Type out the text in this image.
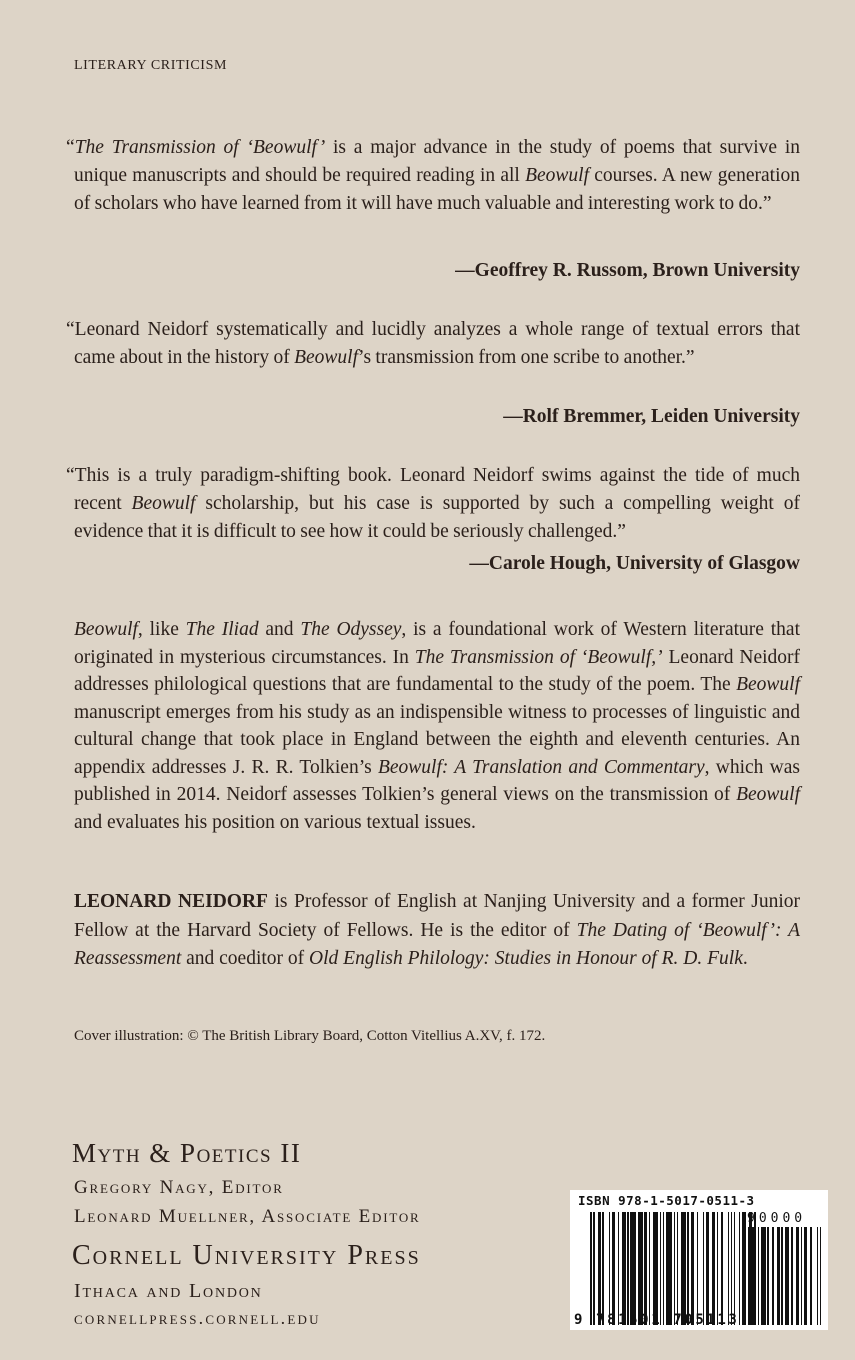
LITERARY CRITICISM
“The Transmission of ‘Beowulf’ is a major advance in the study of poems that survive in unique manuscripts and should be required reading in all Beowulf courses. A new generation of scholars who have learned from it will have much valuable and interesting work to do.”
—Geoffrey R. Russom, Brown University
“Leonard Neidorf systematically and lucidly analyzes a whole range of textual errors that came about in the history of Beowulf’s transmission from one scribe to another.”
—Rolf Bremmer, Leiden University
“This is a truly paradigm-shifting book. Leonard Neidorf swims against the tide of much recent Beowulf scholarship, but his case is supported by such a compelling weight of evidence that it is difficult to see how it could be seriously challenged.”
—Carole Hough, University of Glasgow
Beowulf, like The Iliad and The Odyssey, is a foundational work of Western literature that originated in mysterious circumstances. In The Transmission of ‘Beowulf,’ Leonard Neidorf addresses philological questions that are fundamental to the study of the poem. The Beowulf manuscript emerges from his study as an indispensible witness to processes of linguistic and cultural change that took place in England between the eighth and eleventh centuries. An appendix addresses J. R. R. Tolkien’s Beowulf: A Translation and Commentary, which was published in 2014. Neidorf assesses Tolkien’s general views on the transmission of Beowulf and evaluates his position on various textual issues.
LEONARD NEIDORF is Professor of English at Nanjing University and a former Junior Fellow at the Harvard Society of Fellows. He is the editor of The Dating of ‘Beowulf’: A Reassessment and coeditor of Old English Philology: Studies in Honour of R. D. Fulk.
Cover illustration: © The British Library Board, Cotton Vitellius A.XV, f. 172.
Myth & Poetics II
Gregory Nagy, Editor
Leonard Muellner, Associate Editor
Cornell University Press
Ithaca and London
cornellpress.cornell.edu
ISBN 978-1-5017-0511-3
90000
9 781501 705113
